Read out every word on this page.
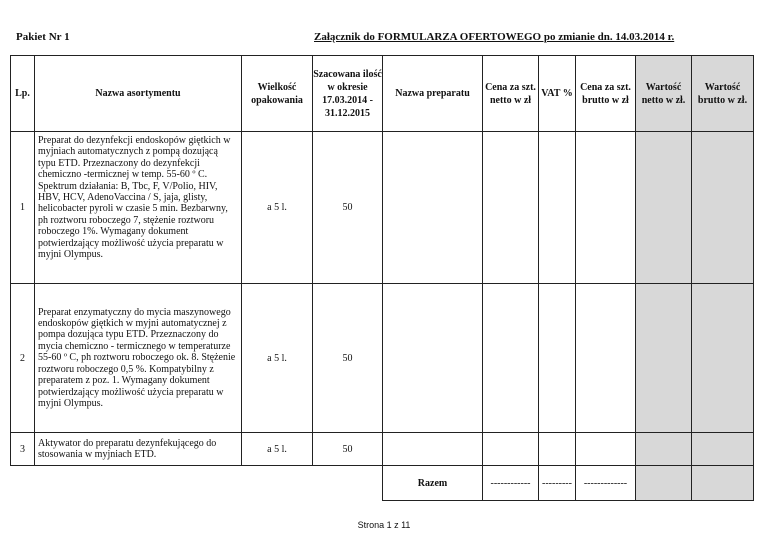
Pakiet Nr 1	Załącznik do FORMULARZA OFERTOWEGO po zmianie dn. 14.03.2014 r.
Lp.	Nazwa asortymentu	Wielkość opakowania	Szacowana ilość w okresie 17.03.2014 - 31.12.2015	Nazwa preparatu	Cena za szt. netto w zł	VAT %	Cena za szt. brutto w zł	Wartość netto w zł.	Wartość brutto w zł.
1	Preparat do dezynfekcji endoskopów giętkich w myjniach automatycznych z pompą dozującą typu ETD. Przeznaczony do dezynfekcji chemiczno -termicznej w temp. 55-60 º C. Spektrum działania: B, Tbc, F, V/Polio, HIV, HBV, HCV, AdenoVaccina / S, jaja, glisty, helicobacter pyroli w czasie 5 min. Bezbarwny, ph roztworu roboczego 7, stężenie roztworu roboczego 1%. Wymagany dokument potwierdzający możliwość użycia preparatu w myjni Olympus.	a 5 l.	50						
2	Preparat enzymatyczny do mycia maszynowego endoskopów giętkich w myjni automatycznej z pompa dozująca typu ETD. Przeznaczony do mycia chemiczno - termicznego w temperaturze 55-60 º C, ph roztworu roboczego ok. 8. Stężenie roztworu roboczego 0,5 %. Kompatybilny z preparatem z poz. 1. Wymagany dokument potwierdzający możliwość użycia preparatu w myjni Olympus.	a 5 l.	50						
3	Aktywator do preparatu dezynfekującego do stosowania w myjniach ETD.	a 5 l.	50						
				Razem	------------	---------	-------------		
Strona 1 z 11
